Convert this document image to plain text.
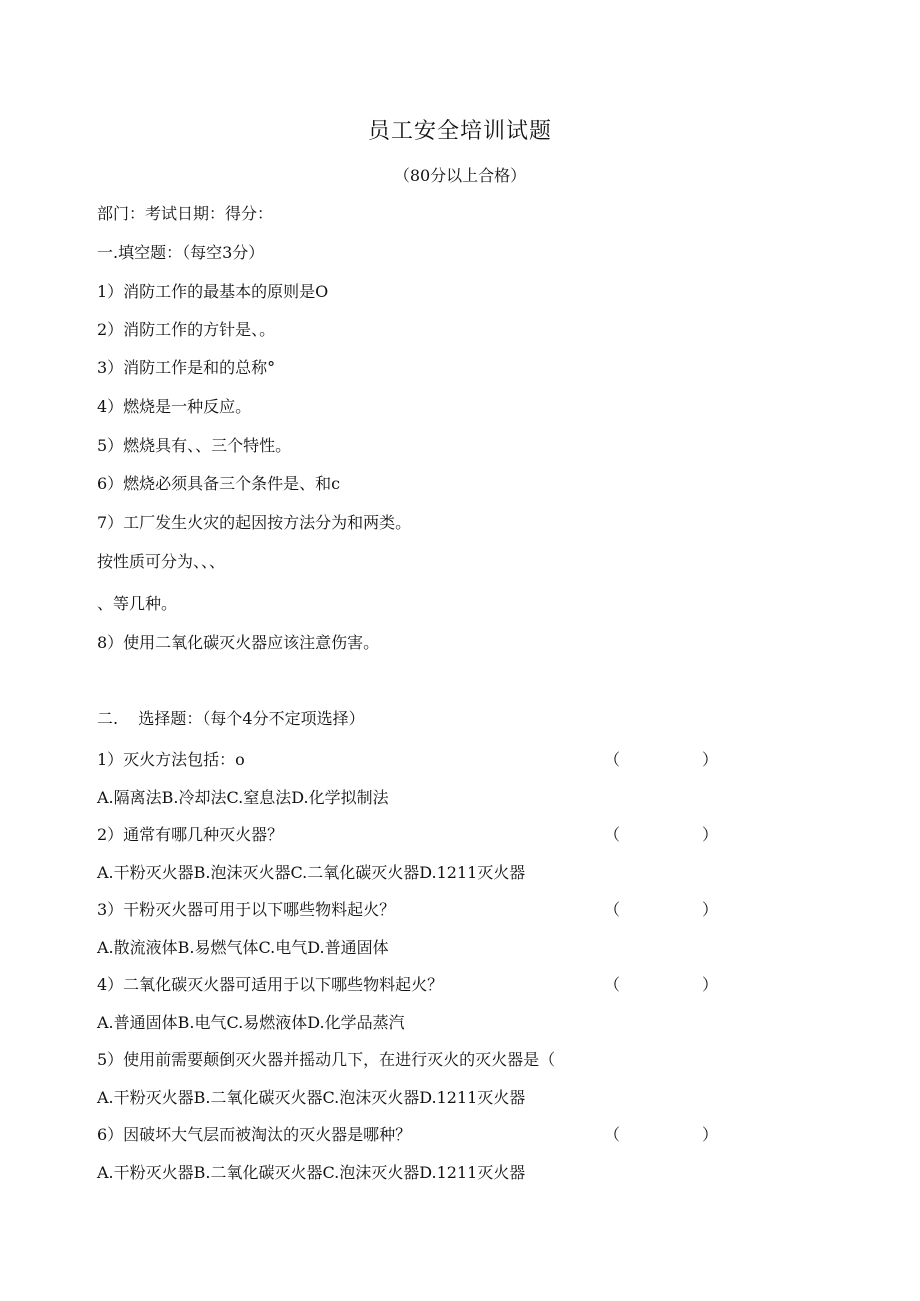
员工安全培训试题
（80分以上合格）
部门：考试日期：得分：
一.填空题：（每空3分）
1）消防工作的最基本的原则是O
2）消防工作的方针是、。
3）消防工作是和的总称°
4）燃烧是一种反应。
5）燃烧具有、、三个特性。
6）燃烧必须具备三个条件是、和c
7）工厂发生火灾的起因按方法分为和两类。
按性质可分为、、、
、等几种。
8）使用二氧化碳灭火器应该注意伤害。
二.    选择题：（每个4分不定项选择）
1）灭火方法包括：o	（	）
A.隔离法B.冷却法C.窒息法D.化学拟制法
2）通常有哪几种灭火器？	（	）
A.干粉灭火器B.泡沫灭火器C.二氧化碳灭火器D.1211灭火器
3）干粉灭火器可用于以下哪些物料起火？	（	）
A.散流液体B.易燃气体C.电气D.普通固体
4）二氧化碳灭火器可适用于以下哪些物料起火？	（	）
A.普通固体B.电气C.易燃液体D.化学品蒸汽
5）使用前需要颠倒灭火器并摇动几下，在进行灭火的灭火器是（
A.干粉灭火器B.二氧化碳灭火器C.泡沫灭火器D.1211灭火器
6）因破坏大气层而被淘汰的灭火器是哪种？	（	）
A.干粉灭火器B.二氧化碳灭火器C.泡沫灭火器D.1211灭火器
